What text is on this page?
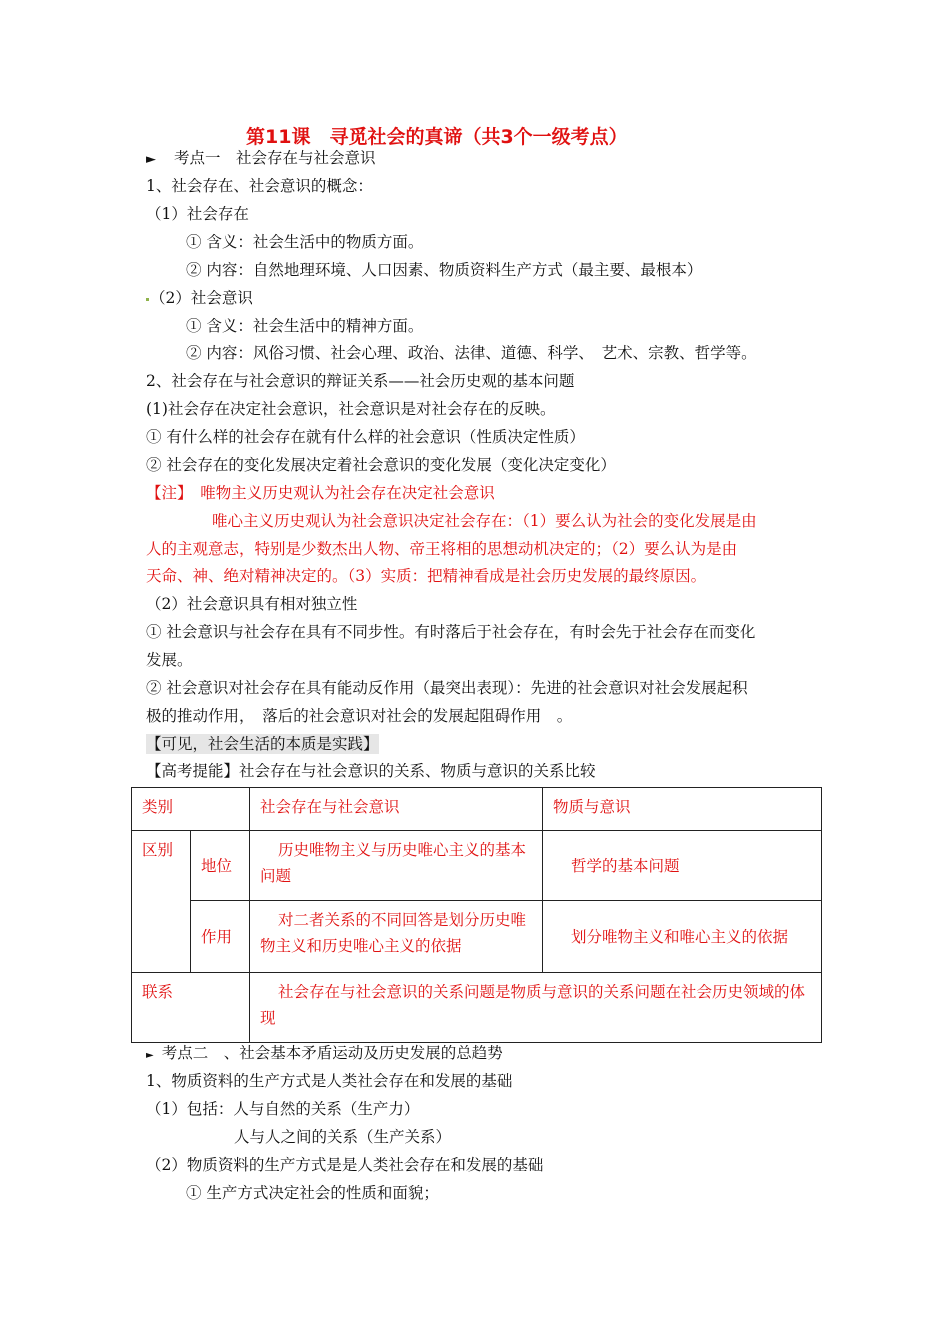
第11课　寻觅社会的真谛（共3个一级考点）
► 考点一　社会存在与社会意识
1、社会存在、社会意识的概念：
（1）社会存在
① 含义：社会生活中的物质方面。
② 内容：自然地理环境、人口因素、物质资料生产方式（最主要、最根本）
（2）社会意识
① 含义：社会生活中的精神方面。
② 内容：风俗习惯、社会心理、政治、法律、道德、科学、　艺术、宗教、哲学等。
2、社会存在与社会意识的辩证关系——社会历史观的基本问题
(1)社会存在决定社会意识，社会意识是对社会存在的反映。
① 有什么样的社会存在就有什么样的社会意识（性质决定性质）
② 社会存在的变化发展决定着社会意识的变化发展（变化决定变化）
【注】　唯物主义历史观认为社会存在决定社会意识
唯心主义历史观认为社会意识决定社会存在：（1）要么认为社会的变化发展是由
人的主观意志，特别是少数杰出人物、帝王将相的思想动机决定的；（2）要么认为是由
天命、神、绝对精神决定的。（3）实质：把精神看成是社会历史发展的最终原因。
（2）社会意识具有相对独立性
① 社会意识与社会存在具有不同步性。有时落后于社会存在，有时会先于社会存在而变化
发展。
② 社会意识对社会存在具有能动反作用（最突出表现）：先进的社会意识对社会发展起积
极的推动作用，　落后的社会意识对社会的发展起阻碍作用　。
【可见，社会生活的本质是实践】
【高考提能】社会存在与社会意识的关系、物质与意识的关系比较
类别		社会存在与社会意识	物质与意识
区别	地位	历史唯物主义与历史唯心主义的基本问题	哲学的基本问题
	作用	对二者关系的不同回答是划分历史唯物主义和历史唯心主义的依据	划分唯物主义和唯心主义的依据
联系		社会存在与社会意识的关系问题是物质与意识的关系问题在社会历史领域的体现	
► 考点二　、社会基本矛盾运动及历史发展的总趋势
1、物质资料的生产方式是人类社会存在和发展的基础
（1）包括：人与自然的关系（生产力）
人与人之间的关系（生产关系）
（2）物质资料的生产方式是是人类社会存在和发展的基础
① 生产方式决定社会的性质和面貌；
